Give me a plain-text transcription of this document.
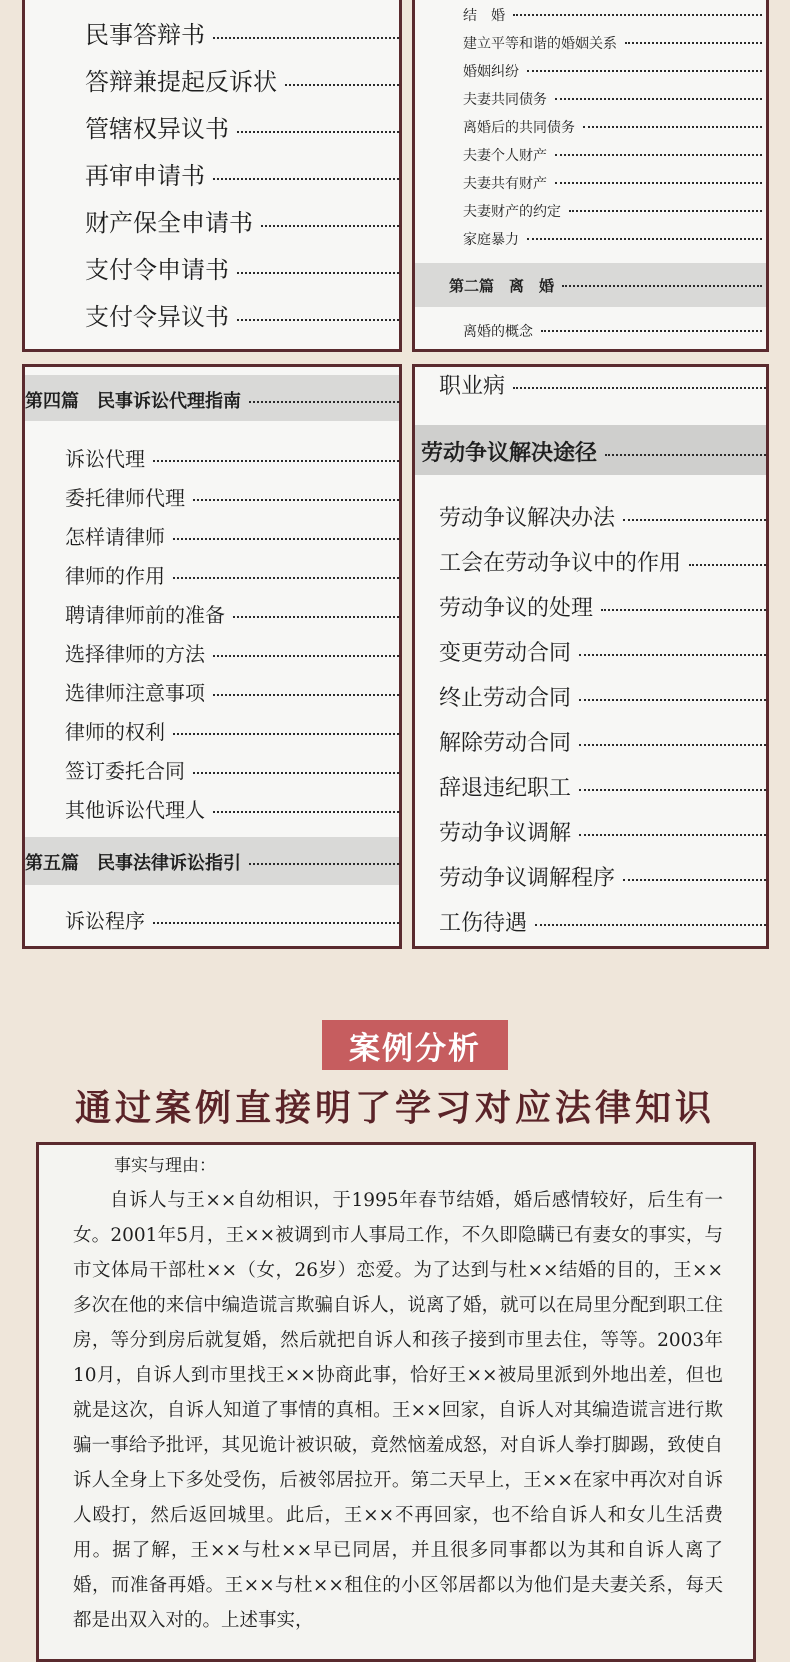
民事答辩书
答辩兼提起反诉状
管辖权异议书
再审申请书
财产保全申请书
支付令申请书
支付令异议书
结　婚
建立平等和谐的婚姻关系
婚姻纠纷
夫妻共同债务
离婚后的共同债务
夫妻个人财产
夫妻共有财产
夫妻财产的约定
家庭暴力
第二篇　离　婚
离婚的概念
第四篇　民事诉讼代理指南
诉讼代理
委托律师代理
怎样请律师
律师的作用
聘请律师前的准备
选择律师的方法
选律师注意事项
律师的权利
签订委托合同
其他诉讼代理人
第五篇　民事法律诉讼指引
诉讼程序
职业病
劳动争议解决途径
劳动争议解决办法
工会在劳动争议中的作用
劳动争议的处理
变更劳动合同
终止劳动合同
解除劳动合同
辞退违纪职工
劳动争议调解
劳动争议调解程序
工伤待遇
案例分析
通过案例直接明了学习对应法律知识
事实与理由：

自诉人与王××自幼相识，于1995年春节结婚，婚后感情较好，后生有一女。2001年5月，王××被调到市人事局工作，不久即隐瞒已有妻女的事实，与市文体局干部杜××（女，26岁）恋爱。为了达到与杜××结婚的目的，王××多次在他的来信中编造谎言欺骗自诉人，说离了婚，就可以在局里分配到职工住房，等分到房后就复婚，然后就把自诉人和孩子接到市里去住，等等。2003年10月，自诉人到市里找王××协商此事，恰好王××被局里派到外地出差，但也就是这次，自诉人知道了事情的真相。王××回家，自诉人对其编造谎言进行欺骗一事给予批评，其见诡计被识破，竟然恼羞成怒，对自诉人拳打脚踢，致使自诉人全身上下多处受伤，后被邻居拉开。第二天早上，王××在家中再次对自诉人殴打，然后返回城里。此后，王××不再回家，也不给自诉人和女儿生活费用。据了解，王××与杜××早已同居，并且很多同事都以为其和自诉人离了婚，而准备再婚。王××与杜××租住的小区邻居都以为他们是夫妻关系，每天都是出双入对的。上述事实，
